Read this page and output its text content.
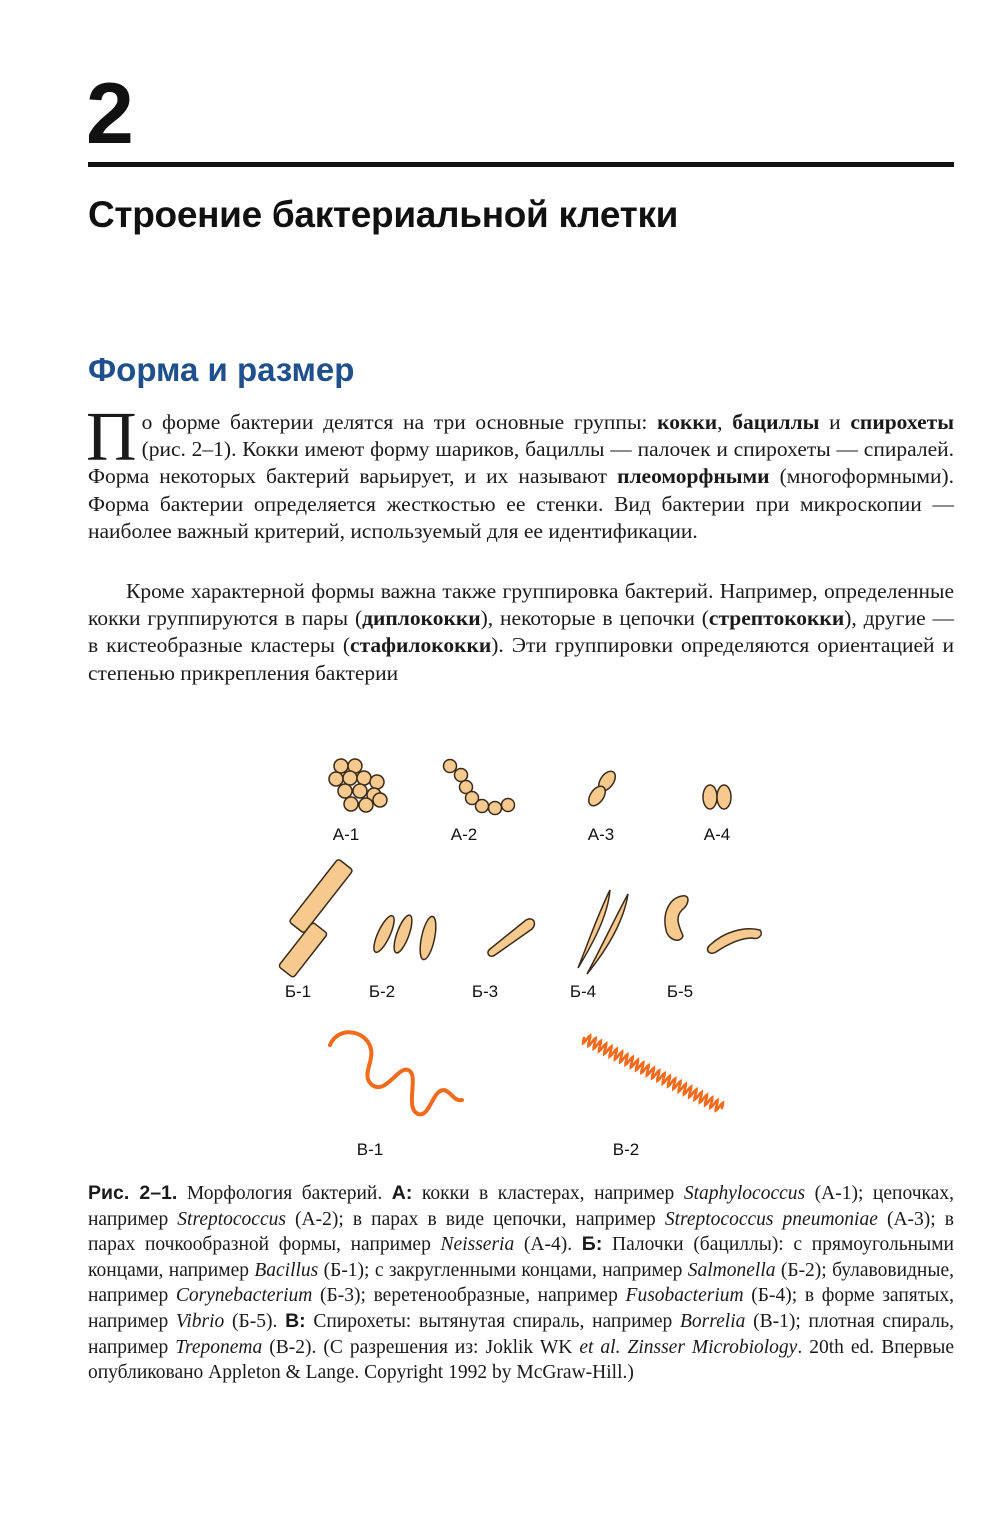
2
Строение бактериальной клетки
Форма и размер
По форме бактерии делятся на три основные группы: кокки, бациллы и спирохеты (рис. 2–1). Кокки имеют форму шариков, бациллы — палочек и спирохеты — спиралей. Форма некоторых бактерий варьирует, и их называют плеоморфными (многоформными). Форма бактерии определяется жесткостью ее стенки. Вид бактерии при микроскопии — наиболее важный критерий, используемый для ее идентификации.
Кроме характерной формы важна также группировка бактерий. Например, определенные кокки группируются в пары (диплококки), некоторые в цепочки (стрептококки), другие — в кистеобразные кластеры (стафилококки). Эти группировки определяются ориентацией и степенью прикрепления бактерии
А-1	А-2	А-3	А-4
Б-1	Б-2	Б-3	Б-4	Б-5
В-1	В-2
Рис. 2–1. Морфология бактерий. А: кокки в кластерах, например Staphylococcus (А-1); цепочках, например Streptococcus (А-2); в парах в виде цепочки, например Streptococcus pneumoniae (А-3); в парах почкообразной формы, например Neisseria (А-4). Б: Палочки (бациллы): с прямоугольными концами, например Bacillus (Б-1); с закругленными концами, например Salmonella (Б-2); булавовидные, например Corynebacterium (Б-3); веретенообразные, например Fusobacterium (Б-4); в форме запятых, например Vibrio (Б-5). В: Спирохеты: вытянутая спираль, например Borrelia (В-1); плотная спираль, например Treponema (В-2). (С разрешения из: Joklik WK et al. Zinsser Microbiology. 20th ed. Впервые опубликовано Appleton & Lange. Copyright 1992 by McGraw-Hill.)
